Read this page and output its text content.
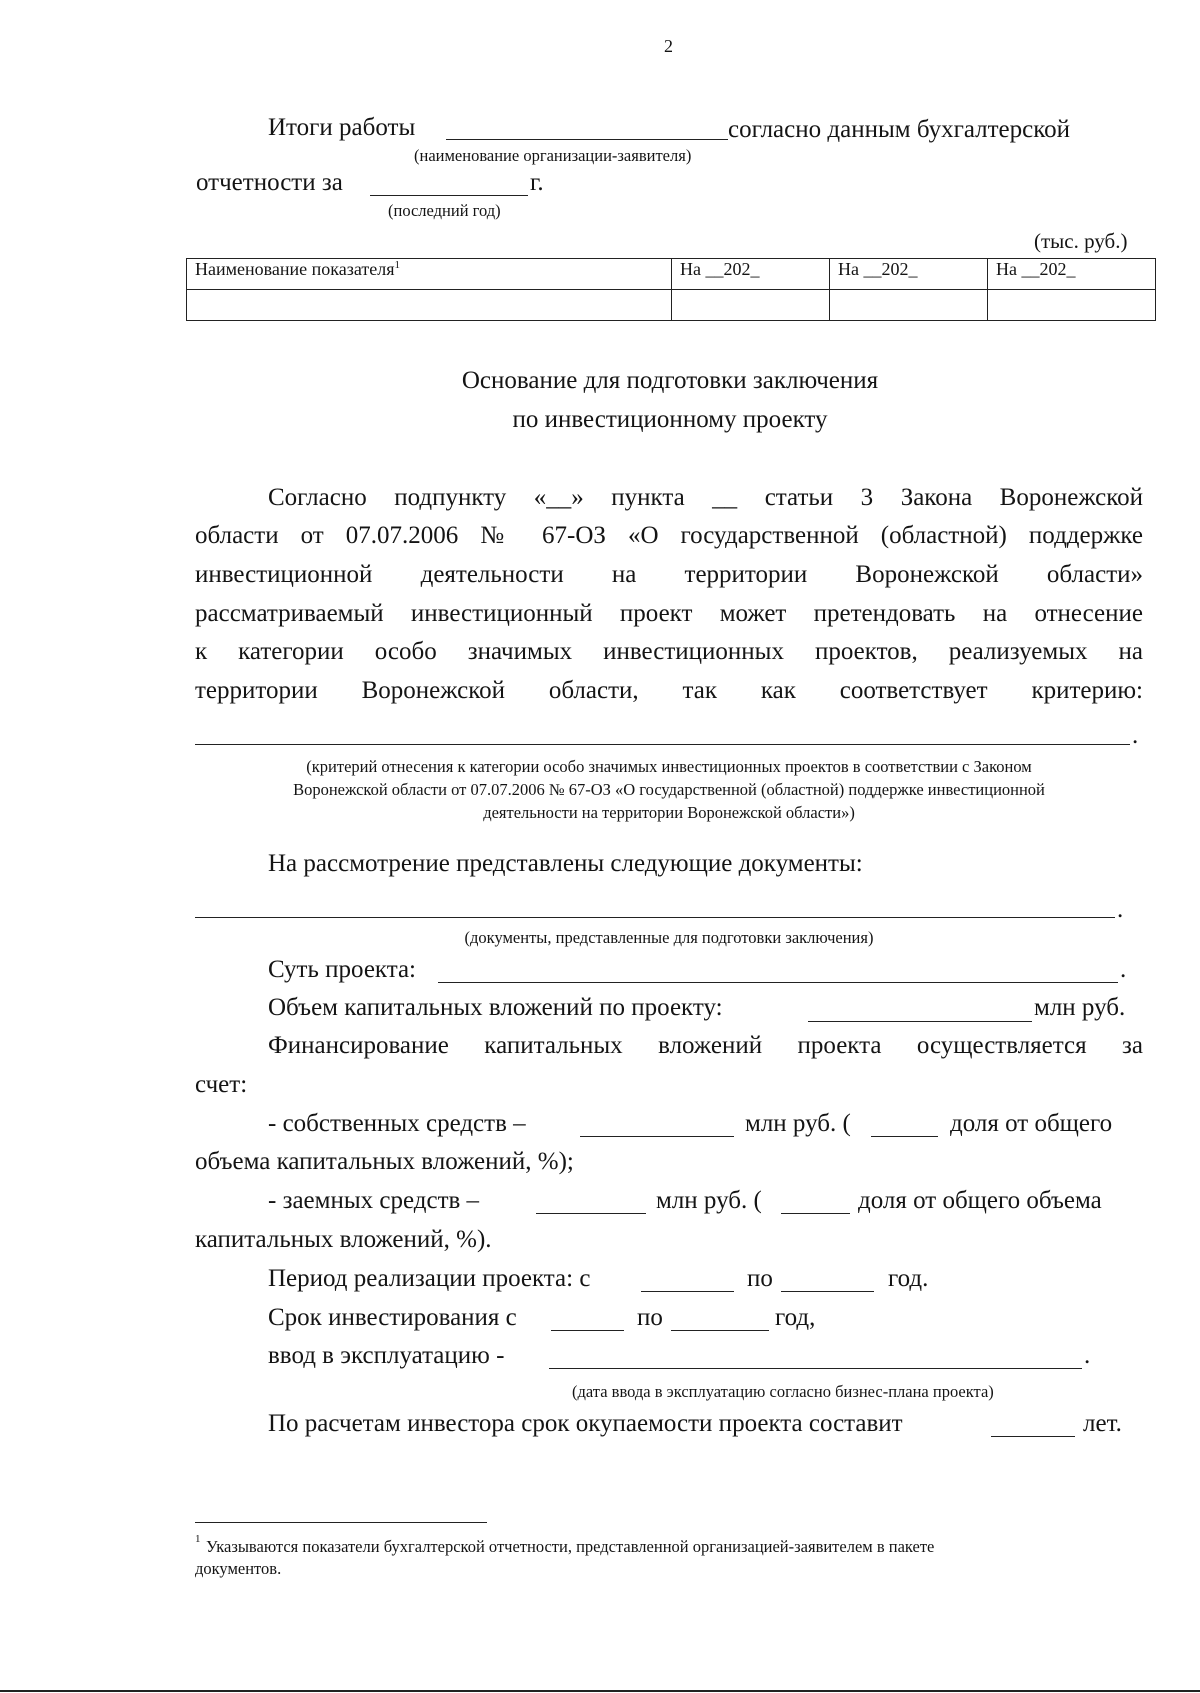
2
Итоги работы	согласно данным бухгалтерской
(наименование организации-заявителя)
отчетности за	г.
(последний год)
(тыс. руб.)
Наименование показателя$^1$	На __202_	На __202_	На __202_

Основание для подготовки заключения
по инвестиционному проекту
Согласно подпункту «__» пункта __ статьи 3 Закона Воронежской
области от 07.07.2006 № 67-ОЗ «О государственной (областной) поддержке
инвестиционной деятельности на территории Воронежской области»
рассматриваемый инвестиционный проект может претендовать на отнесение
к категории особо значимых инвестиционных проектов, реализуемых на
территории Воронежской области, так как соответствует критерию:
.
(критерий отнесения к категории особо значимых инвестиционных проектов в соответствии с Законом
Воронежской области от 07.07.2006 № 67-ОЗ «О государственной (областной) поддержке инвестиционной
деятельности на территории Воронежской области»)
На рассмотрение представлены следующие документы:
.
(документы, представленные для подготовки заключения)
Суть проекта:	.
Объем капитальных вложений по проекту:	млн руб.
Финансирование капитальных вложений проекта осуществляется за
счет:
- собственных средств –	млн руб. (	доля от общего
объема капитальных вложений, %);
- заемных средств –	млн руб. (	доля от общего объема
капитальных вложений, %).
Период реализации проекта: с	по	год.
Срок инвестирования с	по	год,
ввод в эксплуатацию -	.
(дата ввода в эксплуатацию согласно бизнес-плана проекта)
По расчетам инвестора срок окупаемости проекта составит	лет.
1 Указываются показатели бухгалтерской отчетности, представленной организацией-заявителем в пакете
документов.
